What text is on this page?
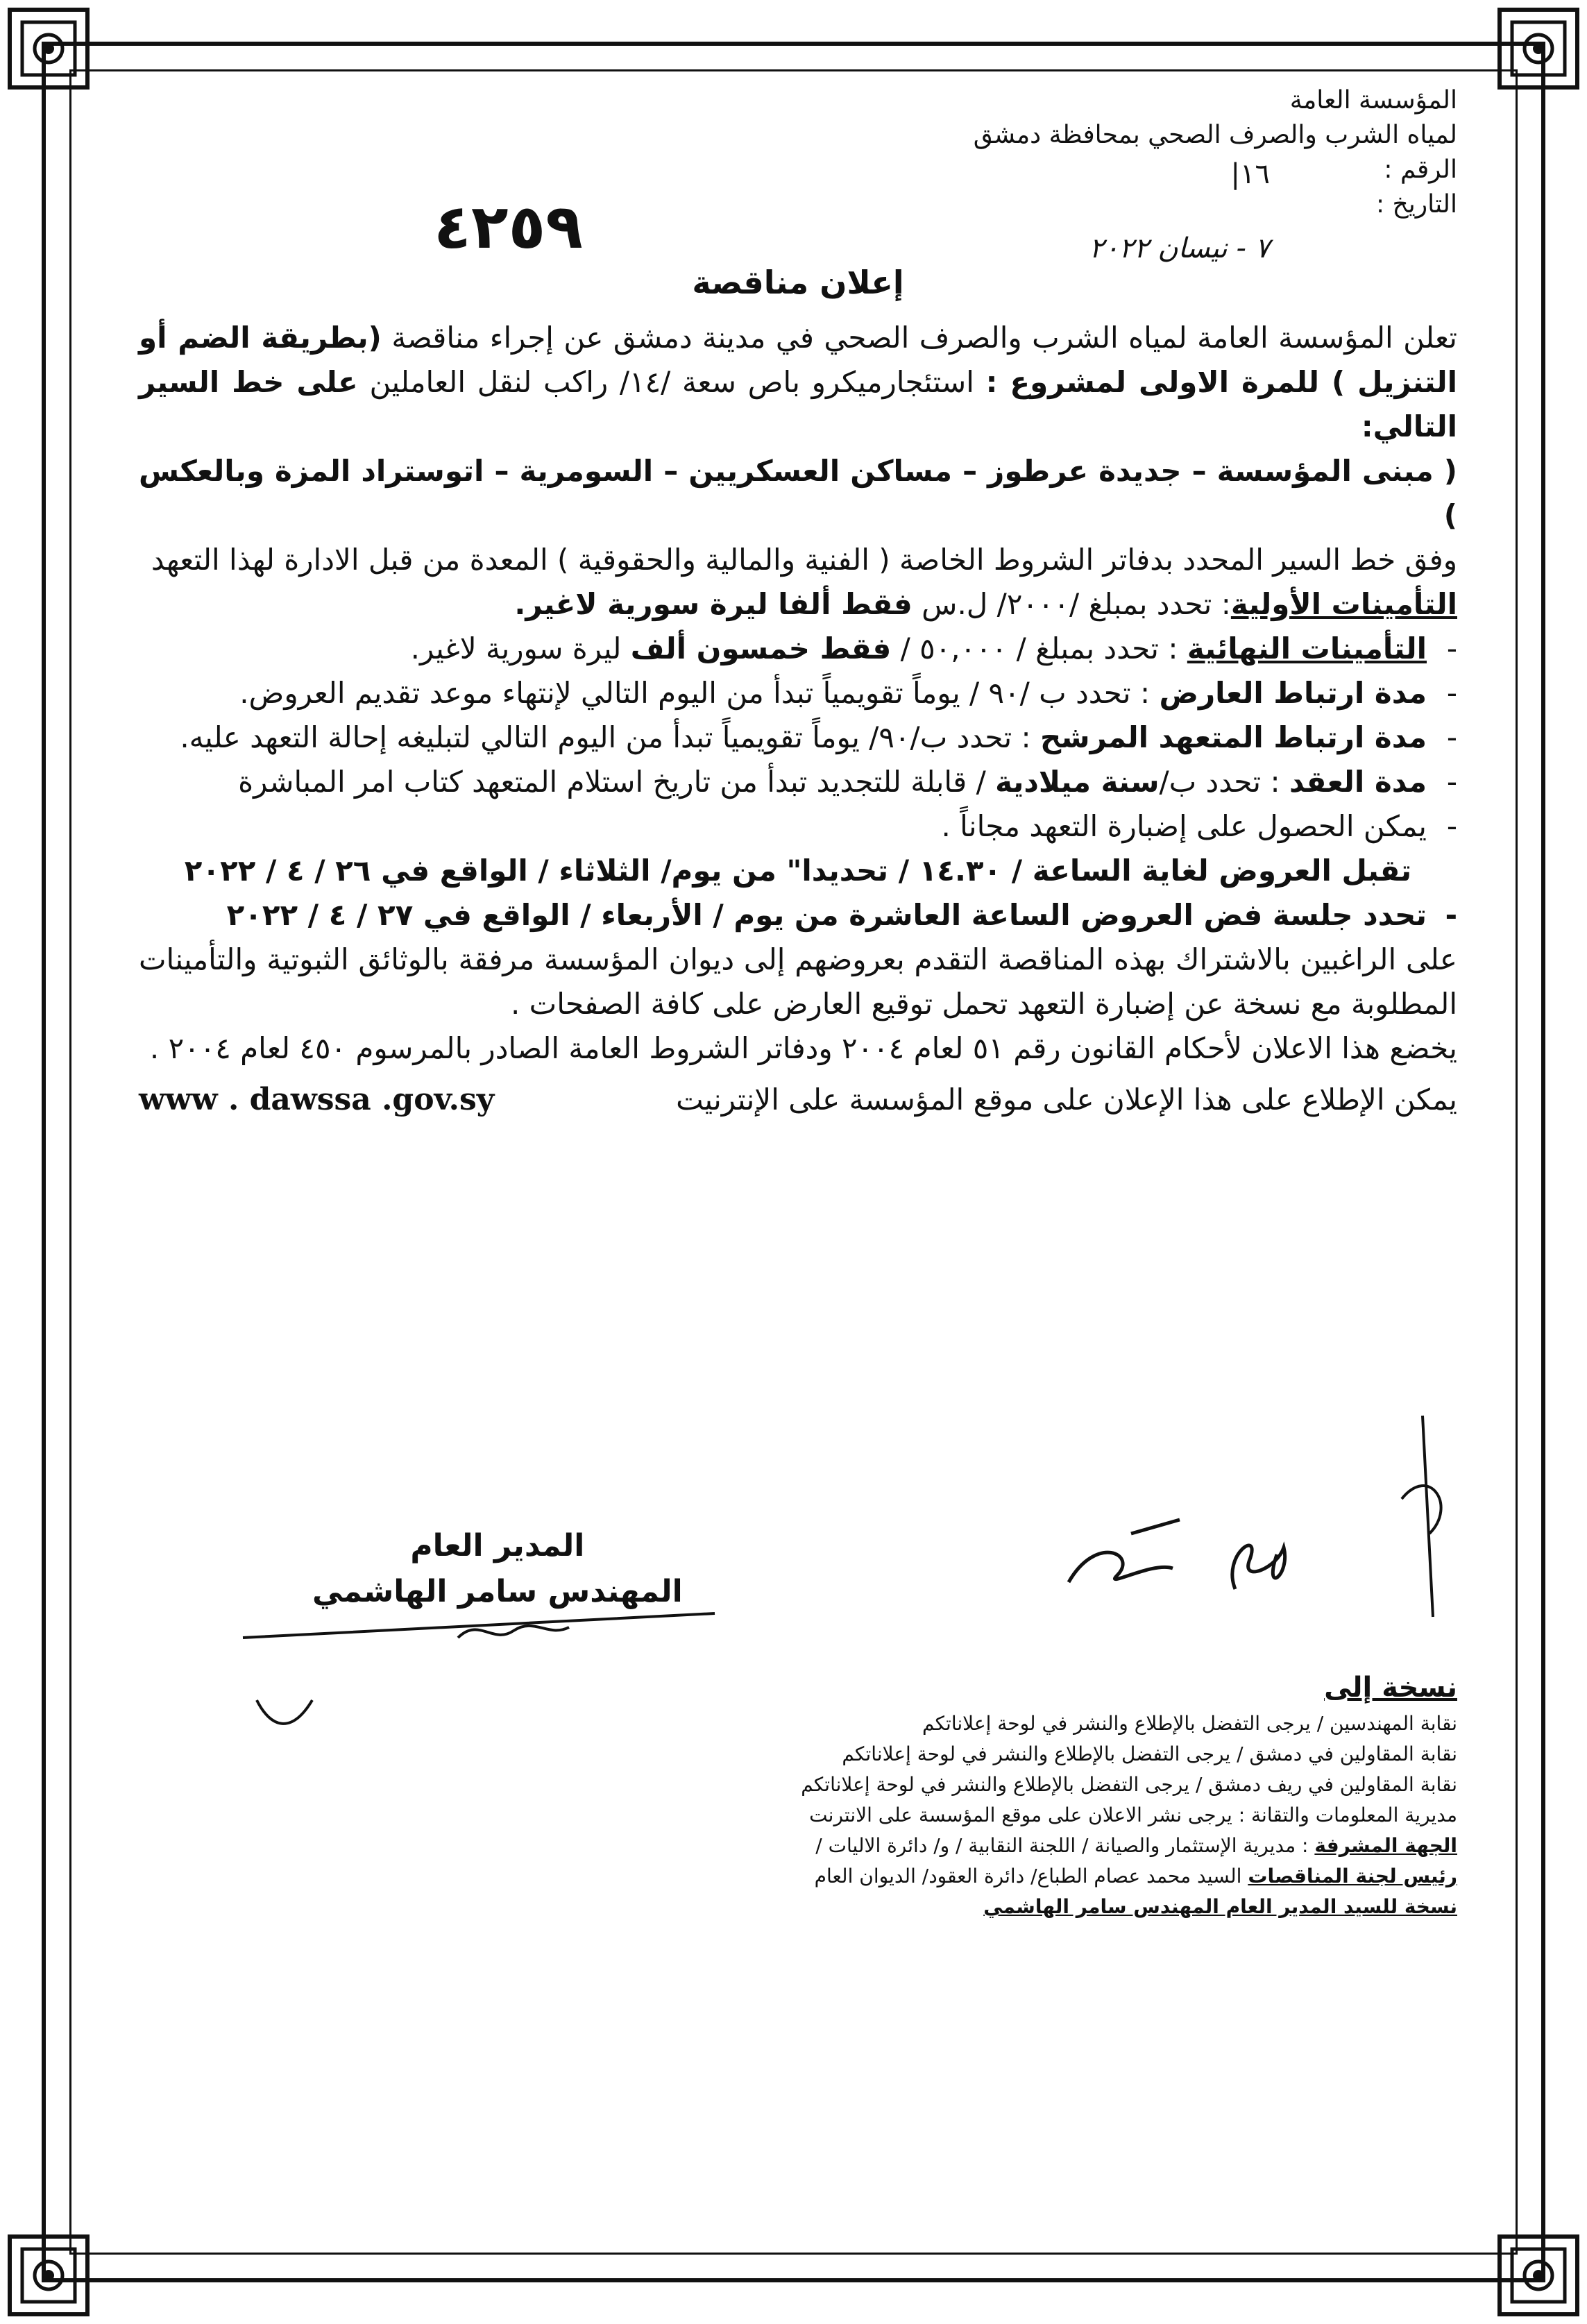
المؤسسة العامة
لمياه الشرب والصرف الصحي بمحافظة دمشق
الرقم :
التاريخ :
١٦|
٤٢٥٩	٧ - نيسان ٢٠٢٢
إعلان مناقصة

تعلن المؤسسة العامة لمياه الشرب والصرف الصحي في مدينة دمشق عن إجراء مناقصة (بطريقة الضم أو التنزيل ) للمرة الاولى لمشروع : استئجارميكرو باص سعة /١٤/ راكب لنقل العاملين على خط السير التالي:

( مبنى المؤسسة – جديدة عرطوز – مساكن العسكريين – السومرية – اتوستراد المزة وبالعكس )

وفق خط السير المحدد بدفاتر الشروط الخاصة ( الفنية والمالية والحقوقية ) المعدة من قبل الادارة لهذا التعهد

التأمينات الأولية: تحدد بمبلغ /٢٠٠٠/ ل.س فقط ألفا ليرة سورية لاغير.

- التأمينات النهائية : تحدد بمبلغ / ٥٠,٠٠٠ / فقط خمسون ألف ليرة سورية لاغير.

- مدة ارتباط العارض : تحدد ب /٩٠ / يوماً تقويمياً تبدأ من اليوم التالي لإنتهاء موعد تقديم العروض.

- مدة ارتباط المتعهد المرشح : تحدد ب/٩٠/ يوماً تقويمياً تبدأ من اليوم التالي لتبليغه إحالة التعهد عليه.

- مدة العقد : تحدد ب/سنة ميلادية / قابلة للتجديد تبدأ من تاريخ استلام المتعهد كتاب امر المباشرة

- يمكن الحصول على إضبارة التعهد مجاناً .

تقبل العروض لغاية الساعة / ١٤.٣٠ / تحديدا" من يوم/ الثلاثاء / الواقع في ٢٦ / ٤ / ٢٠٢٢

- تحدد جلسة فض العروض الساعة العاشرة من يوم / الأربعاء / الواقع في ٢٧ / ٤ / ٢٠٢٢

على الراغبين بالاشتراك بهذه المناقصة التقدم بعروضهم إلى ديوان المؤسسة مرفقة بالوثائق الثبوتية والتأمينات المطلوبة مع نسخة عن إضبارة التعهد تحمل توقيع العارض على كافة الصفحات .

يخضع هذا الاعلان لأحكام القانون رقم ٥١ لعام ٢٠٠٤ ودفاتر الشروط العامة الصادر بالمرسوم ٤٥٠ لعام ٢٠٠٤ .

يمكن الإطلاع على هذا الإعلان على موقع المؤسسة على الإنترنيت
www . dawssa .gov.sy
المدير العام
المهندس سامر الهاشمي
نسخة إلى
نقابة المهندسين / يرجى التفضل بالإطلاع والنشر في لوحة إعلاناتكم
نقابة المقاولين في دمشق / يرجى التفضل بالإطلاع والنشر في لوحة إعلاناتكم
نقابة المقاولين في ريف دمشق / يرجى التفضل بالإطلاع والنشر في لوحة إعلاناتكم
مديرية المعلومات والتقانة : يرجى نشر الاعلان على موقع المؤسسة على الانترنت
الجهة المشرفة : مديرية الإستثمار والصيانة / اللجنة النقابية / و/ دائرة الاليات /
رئيس لجنة المناقصات السيد محمد عصام الطباع/ دائرة العقود/ الديوان العام
نسخة للسيد المدير العام المهندس سامر الهاشمي
